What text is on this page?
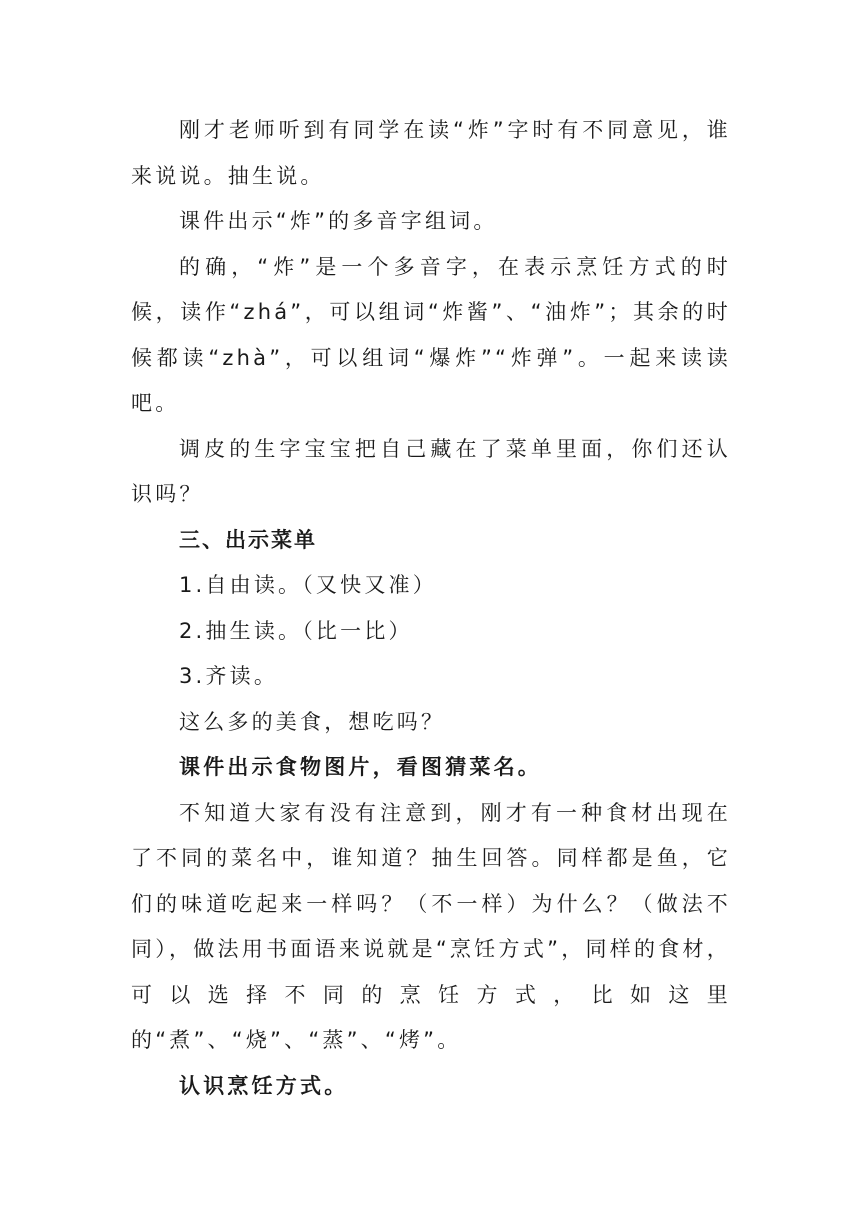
刚才老师听到有同学在读“炸”字时有不同意见，谁来说说。抽生说。

课件出示“炸”的多音字组词。

的确，“炸”是一个多音字，在表示烹饪方式的时候，读作“zhá”，可以组词“炸酱”、“油炸”；其余的时候都读“zhà”，可以组词“爆炸”“炸弹”。一起来读读吧。

调皮的生字宝宝把自己藏在了菜单里面，你们还认识吗？

三、出示菜单

1.自由读。（又快又准）

2.抽生读。（比一比）

3.齐读。

这么多的美食，想吃吗？

课件出示食物图片，看图猜菜名。

不知道大家有没有注意到，刚才有一种食材出现在了不同的菜名中，谁知道？抽生回答。同样都是鱼，它们的味道吃起来一样吗？（不一样）为什么？（做法不同），做法用书面语来说就是“烹饪方式”，同样的食材，可以选择不同的烹饪方式，比如这里的“煮”、“烧”、“蒸”、“烤”。

认识烹饪方式。
